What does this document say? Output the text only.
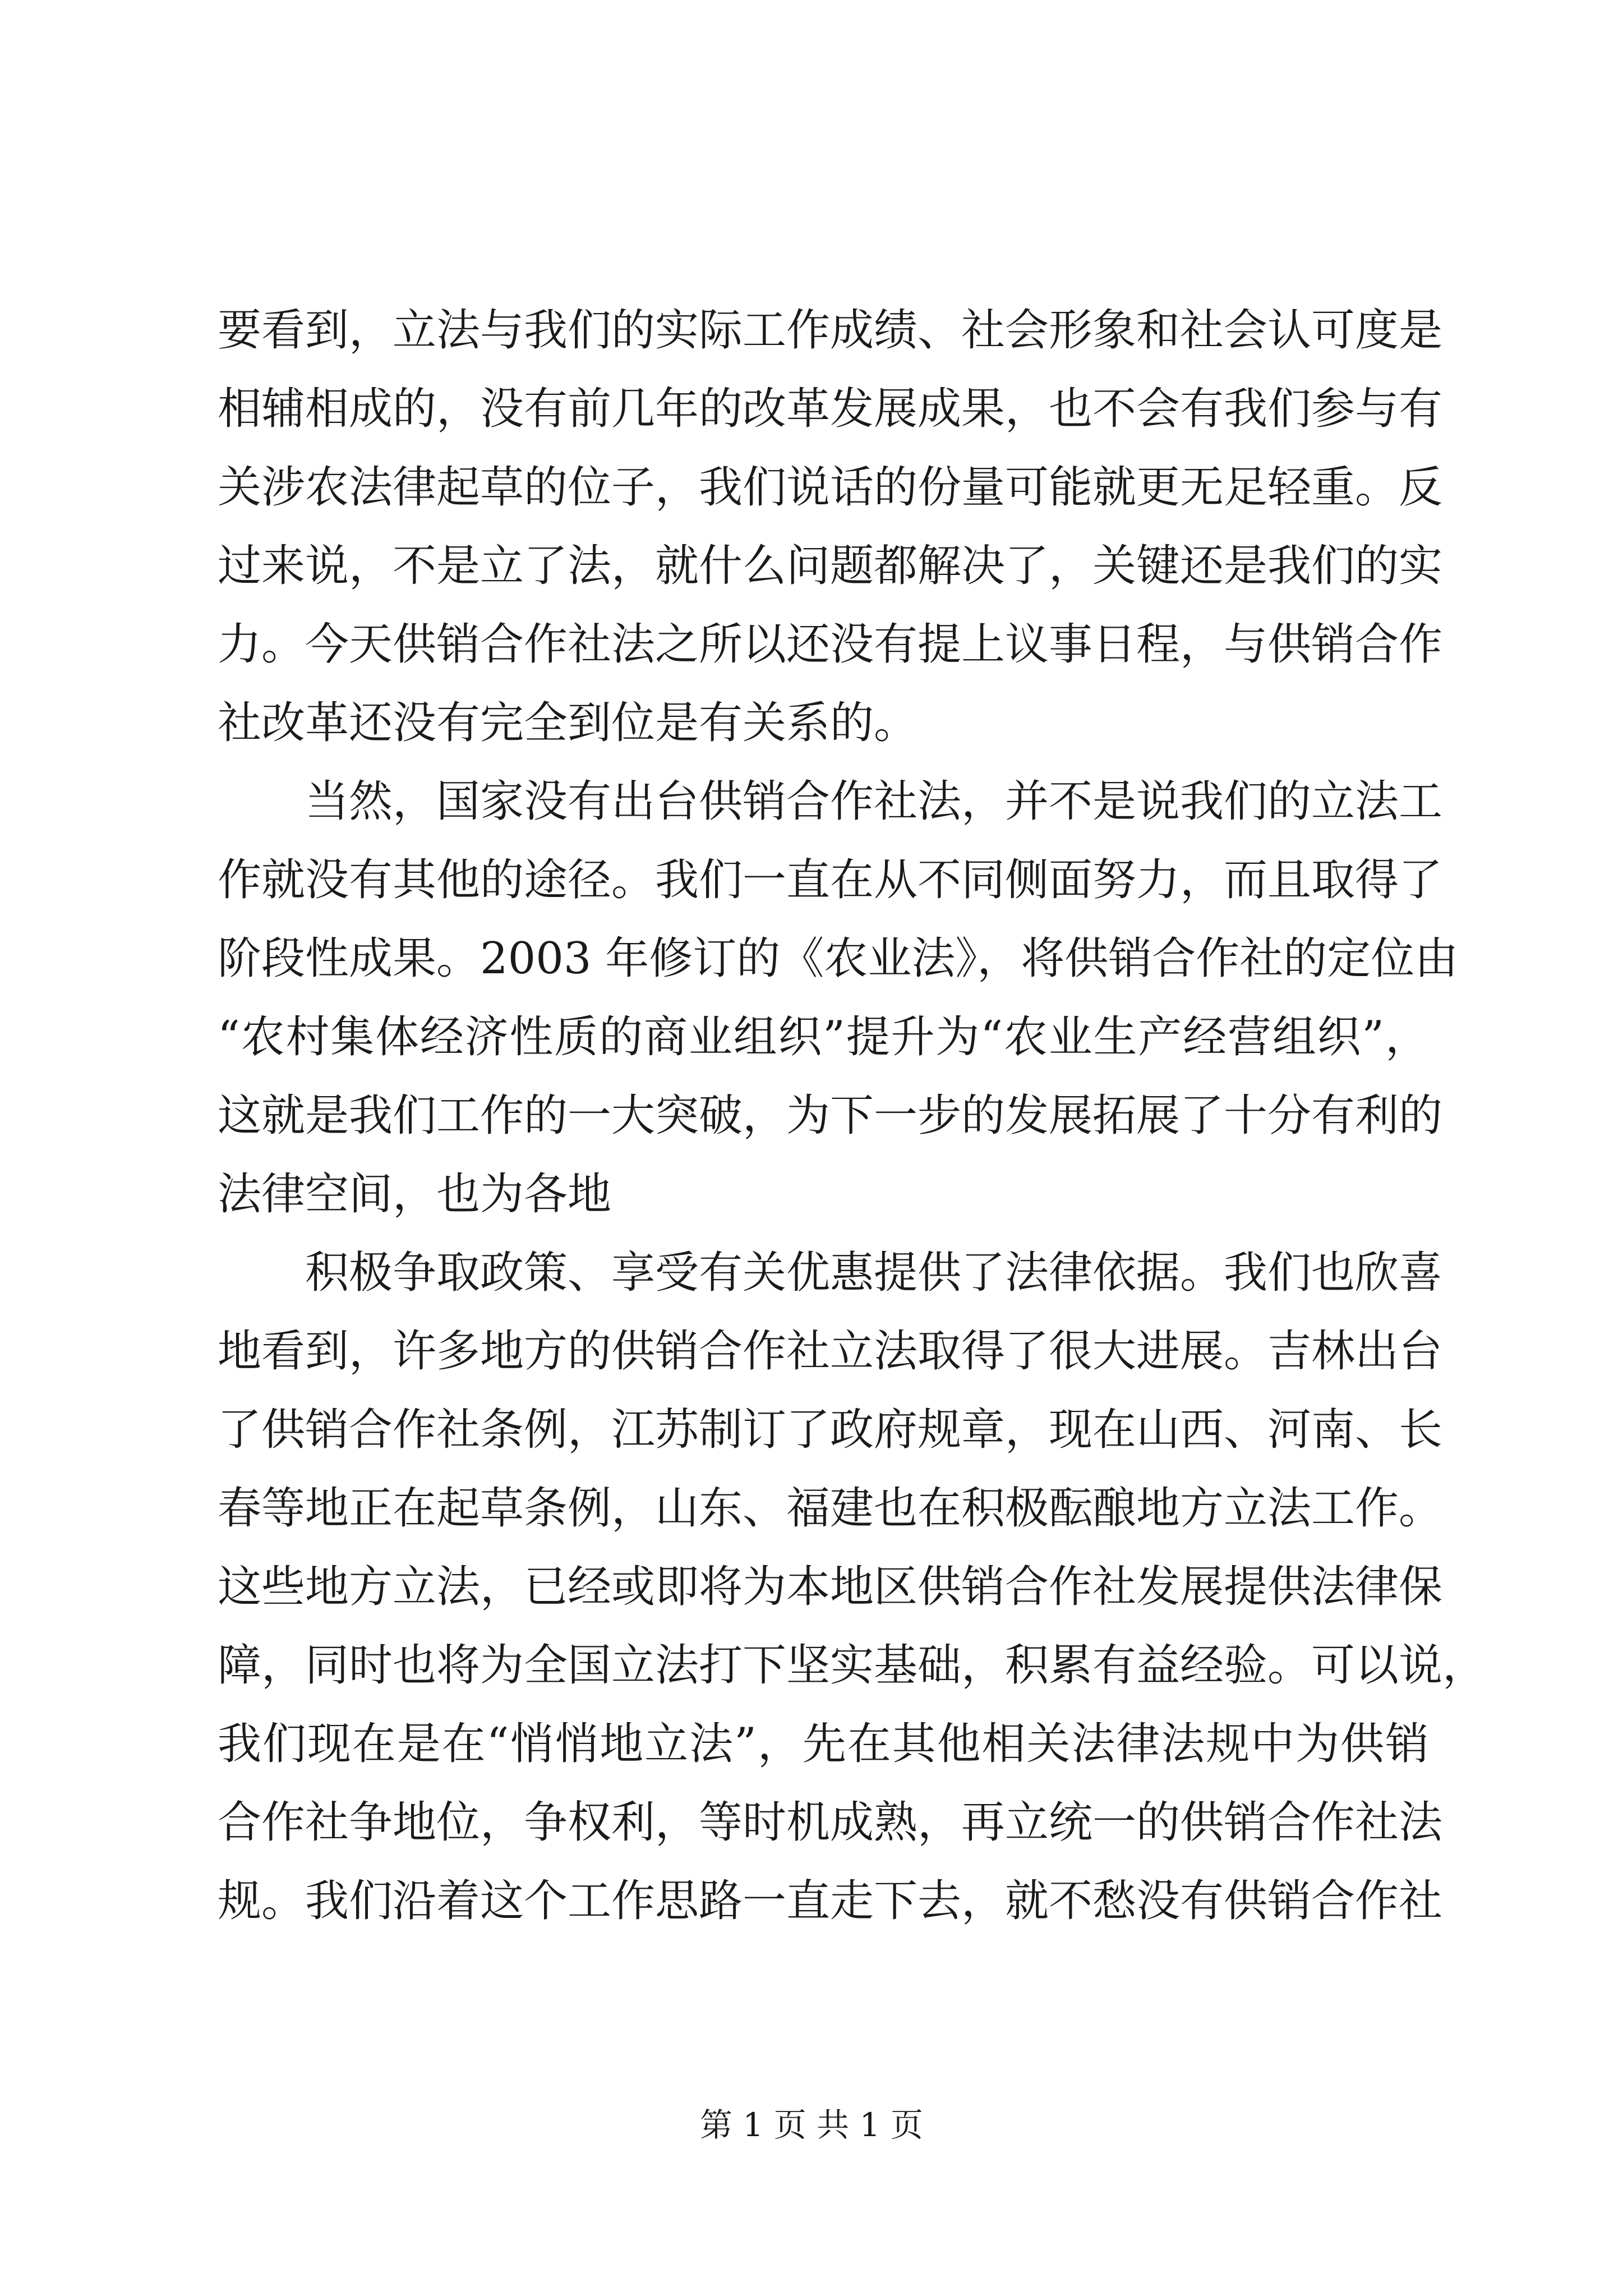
要看到，立法与我们的实际工作成绩、社会形象和社会认可度是
相辅相成的，没有前几年的改革发展成果，也不会有我们参与有
关涉农法律起草的位子，我们说话的份量可能就更无足轻重。反
过来说，不是立了法，就什么问题都解决了，关键还是我们的实
力。今天供销合作社法之所以还没有提上议事日程，与供销合作
社改革还没有完全到位是有关系的。
当然，国家没有出台供销合作社法，并不是说我们的立法工
作就没有其他的途径。我们一直在从不同侧面努力，而且取得了
阶段性成果。2003 年修订的《农业法》，将供销合作社的定位由
“农村集体经济性质的商业组织”提升为“农业生产经营组织”，
这就是我们工作的一大突破，为下一步的发展拓展了十分有利的
法律空间，也为各地
积极争取政策、享受有关优惠提供了法律依据。我们也欣喜
地看到，许多地方的供销合作社立法取得了很大进展。吉林出台
了供销合作社条例，江苏制订了政府规章，现在山西、河南、长
春等地正在起草条例，山东、福建也在积极酝酿地方立法工作。
这些地方立法，已经或即将为本地区供销合作社发展提供法律保
障，同时也将为全国立法打下坚实基础，积累有益经验。可以说，
我们现在是在“悄悄地立法”，先在其他相关法律法规中为供销
合作社争地位，争权利，等时机成熟，再立统一的供销合作社法
规。我们沿着这个工作思路一直走下去，就不愁没有供销合作社
第 1 页 共 1 页
